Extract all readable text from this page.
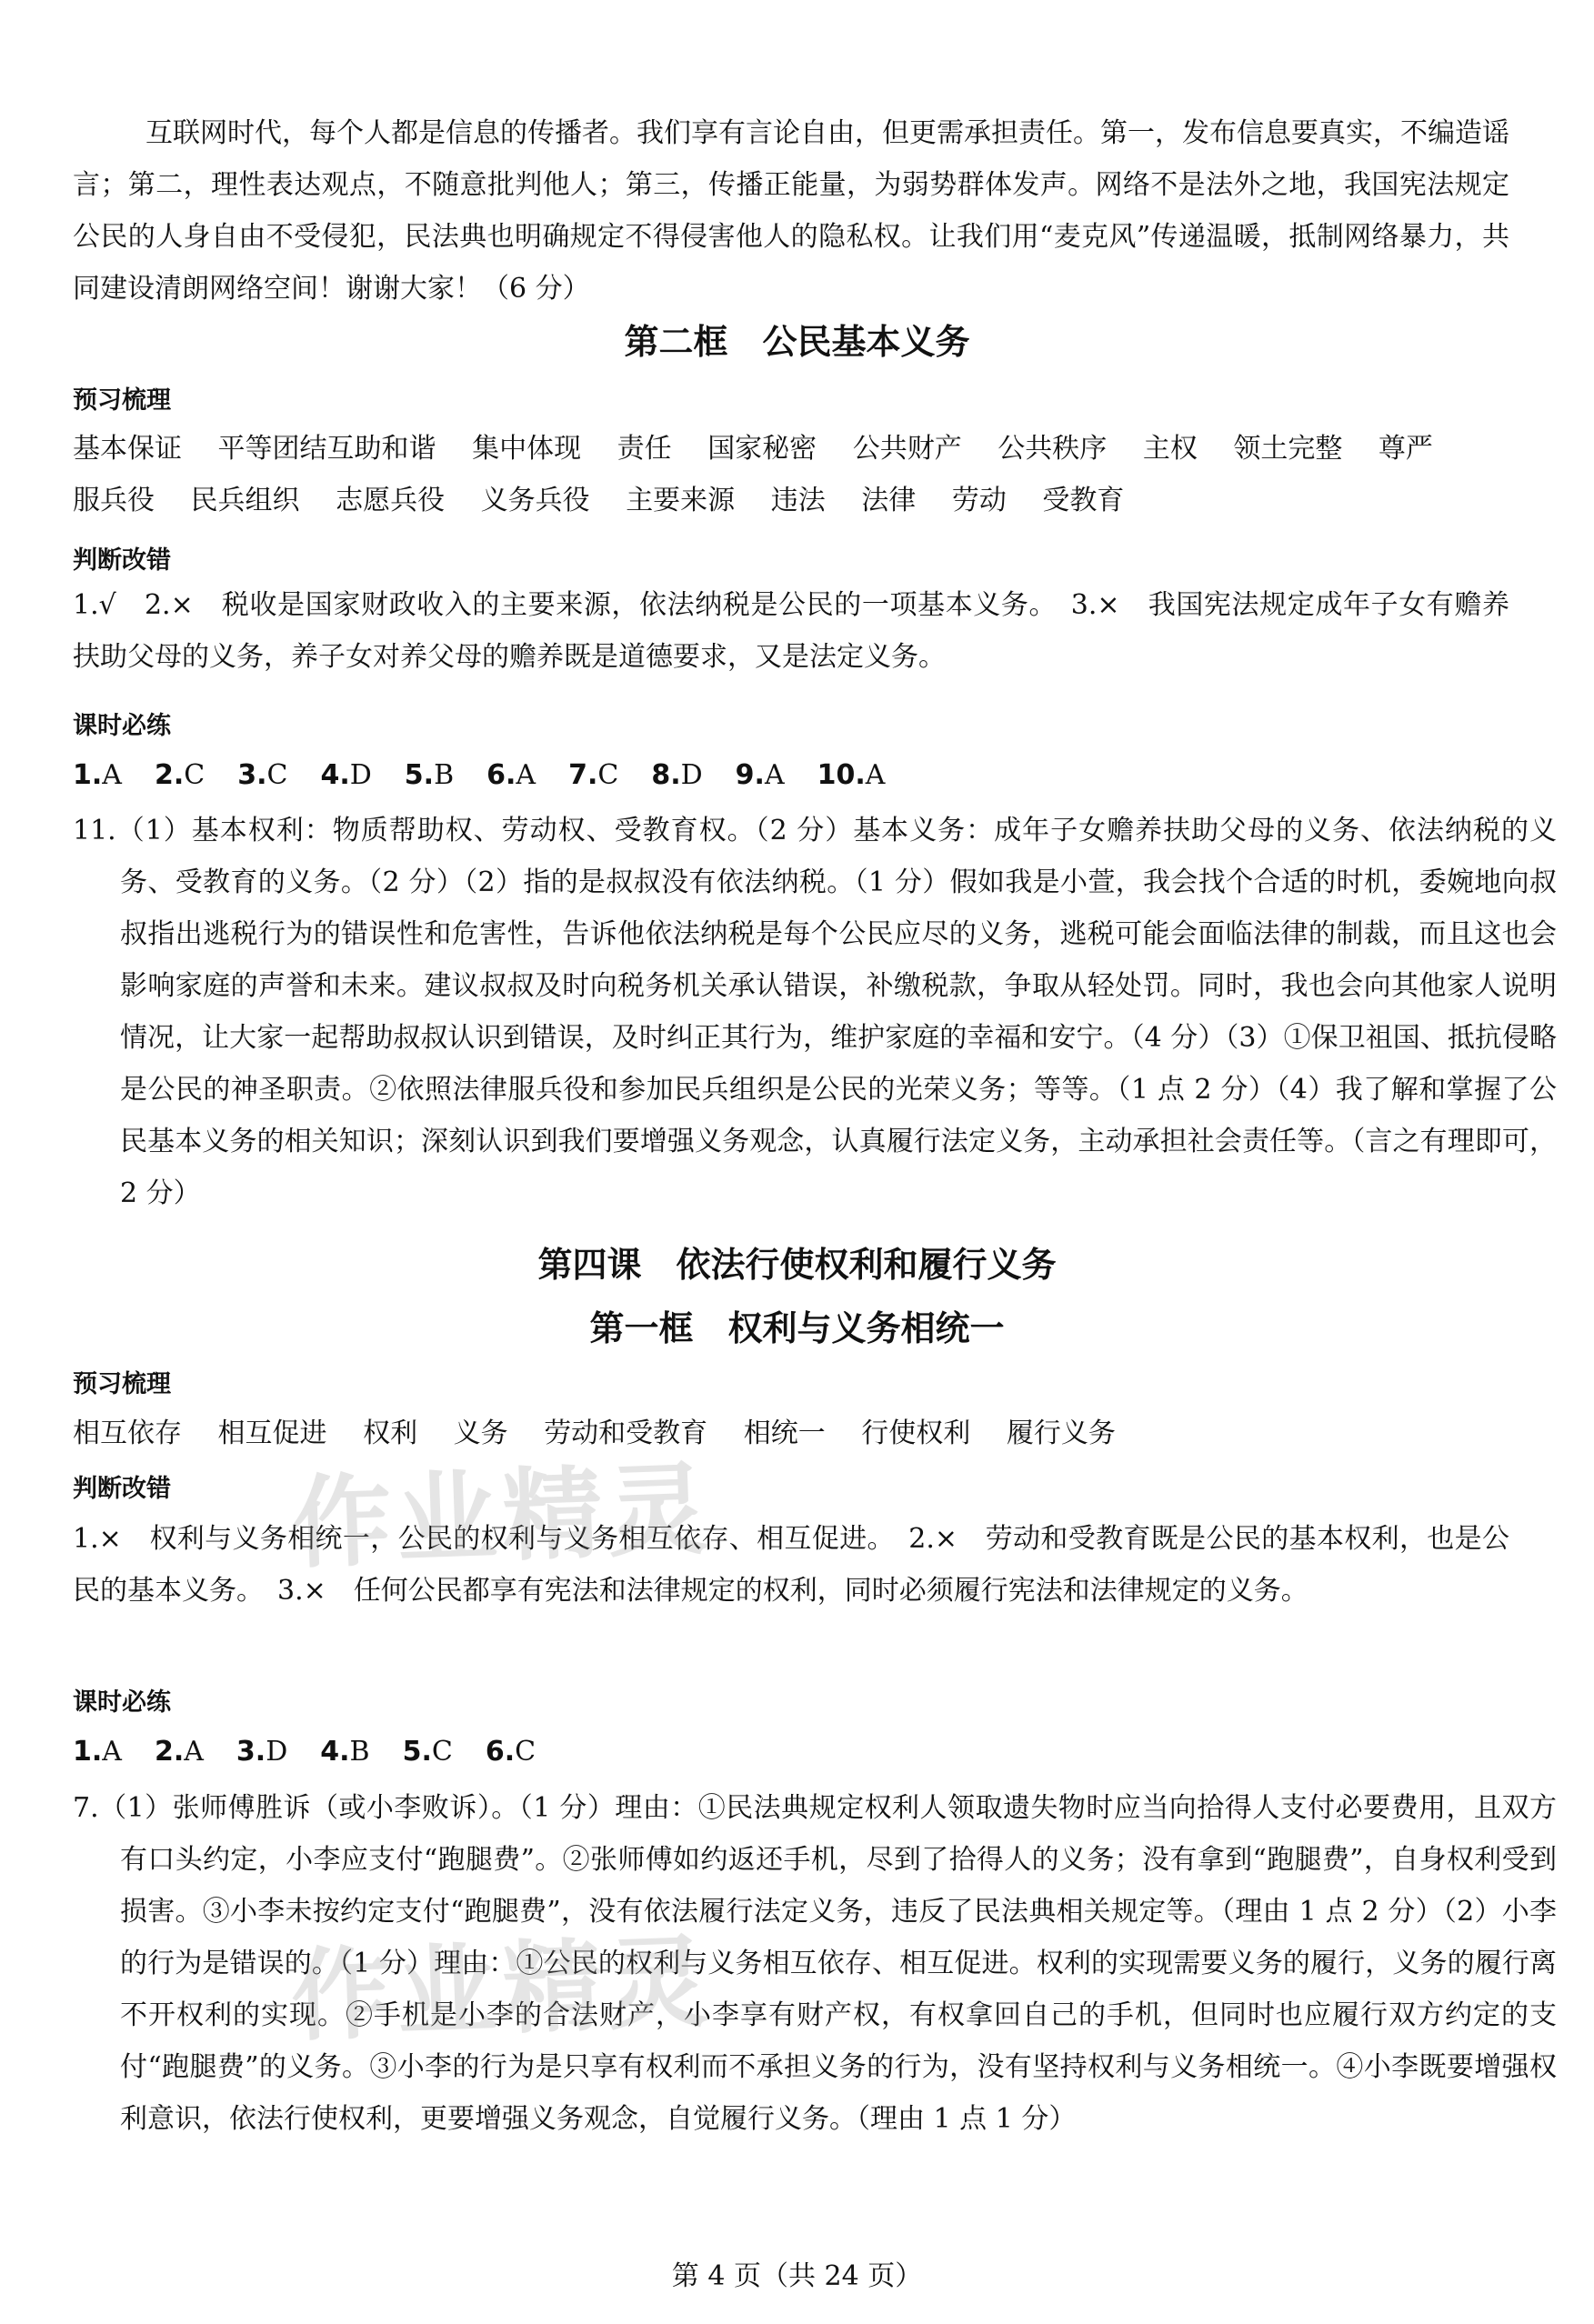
互联网时代，每个人都是信息的传播者。我们享有言论自由，但更需承担责任。第一，发布信息要真实，不编造谣言；第二，理性表达观点，不随意批判他人；第三，传播正能量，为弱势群体发声。网络不是法外之地，我国宪法规定公民的人身自由不受侵犯，民法典也明确规定不得侵害他人的隐私权。让我们用“麦克风”传递温暖，抵制网络暴力，共同建设清朗网络空间！谢谢大家！（6 分）

第二框　公民基本义务

预习梳理

基本保证 平等团结互助和谐 集中体现 责任 国家秘密 公共财产 公共秩序 主权 领土完整 尊严 服兵役 民兵组织 志愿兵役 义务兵役 主要来源 违法 法律 劳动 受教育

判断改错

1.√　2.×　税收是国家财政收入的主要来源，依法纳税是公民的一项基本义务。　3.×　我国宪法规定成年子女有赡养扶助父母的义务，养子女对养父母的赡养既是道德要求，又是法定义务。

课时必练

1.A 2.C 3.C 4.D 5.B 6.A 7.C 8.D 9.A 10.A

11.（1）基本权利：物质帮助权、劳动权、受教育权。（2 分）基本义务：成年子女赡养扶助父母的义务、依法纳税的义务、受教育的义务。（2 分）（2）指的是叔叔没有依法纳税。（1 分）假如我是小萱，我会找个合适的时机，委婉地向叔叔指出逃税行为的错误性和危害性，告诉他依法纳税是每个公民应尽的义务，逃税可能会面临法律的制裁，而且这也会影响家庭的声誉和未来。建议叔叔及时向税务机关承认错误，补缴税款，争取从轻处罚。同时，我也会向其他家人说明情况，让大家一起帮助叔叔认识到错误，及时纠正其行为，维护家庭的幸福和安宁。（4 分）（3）①保卫祖国、抵抗侵略是公民的神圣职责。②依照法律服兵役和参加民兵组织是公民的光荣义务；等等。（1 点 2 分）（4）我了解和掌握了公民基本义务的相关知识；深刻认识到我们要增强义务观念，认真履行法定义务，主动承担社会责任等。（言之有理即可，2 分）

第四课　依法行使权利和履行义务
第一框　权利与义务相统一

预习梳理

相互依存 相互促进 权利 义务 劳动和受教育 相统一 行使权利 履行义务

判断改错

1.×　权利与义务相统一，公民的权利与义务相互依存、相互促进。　2.×　劳动和受教育既是公民的基本权利，也是公民的基本义务。　3.×　任何公民都享有宪法和法律规定的权利，同时必须履行宪法和法律规定的义务。

课时必练

1.A 2.A 3.D 4.B 5.C 6.C

7.（1）张师傅胜诉（或小李败诉）。（1 分）理由：①民法典规定权利人领取遗失物时应当向拾得人支付必要费用，且双方有口头约定，小李应支付“跑腿费”。②张师傅如约返还手机，尽到了拾得人的义务；没有拿到“跑腿费”，自身权利受到损害。③小李未按约定支付“跑腿费”，没有依法履行法定义务，违反了民法典相关规定等。（理由 1 点 2 分）（2）小李的行为是错误的。（1 分）理由：①公民的权利与义务相互依存、相互促进。权利的实现需要义务的履行，义务的履行离不开权利的实现。②手机是小李的合法财产，小李享有财产权，有权拿回自己的手机，但同时也应履行双方约定的支付“跑腿费”的义务。③小李的行为是只享有权利而不承担义务的行为，没有坚持权利与义务相统一。④小李既要增强权利意识，依法行使权利，更要增强义务观念，自觉履行义务。（理由 1 点 1 分）

第 4 页（共 24 页）

作业精灵
作业精灵
